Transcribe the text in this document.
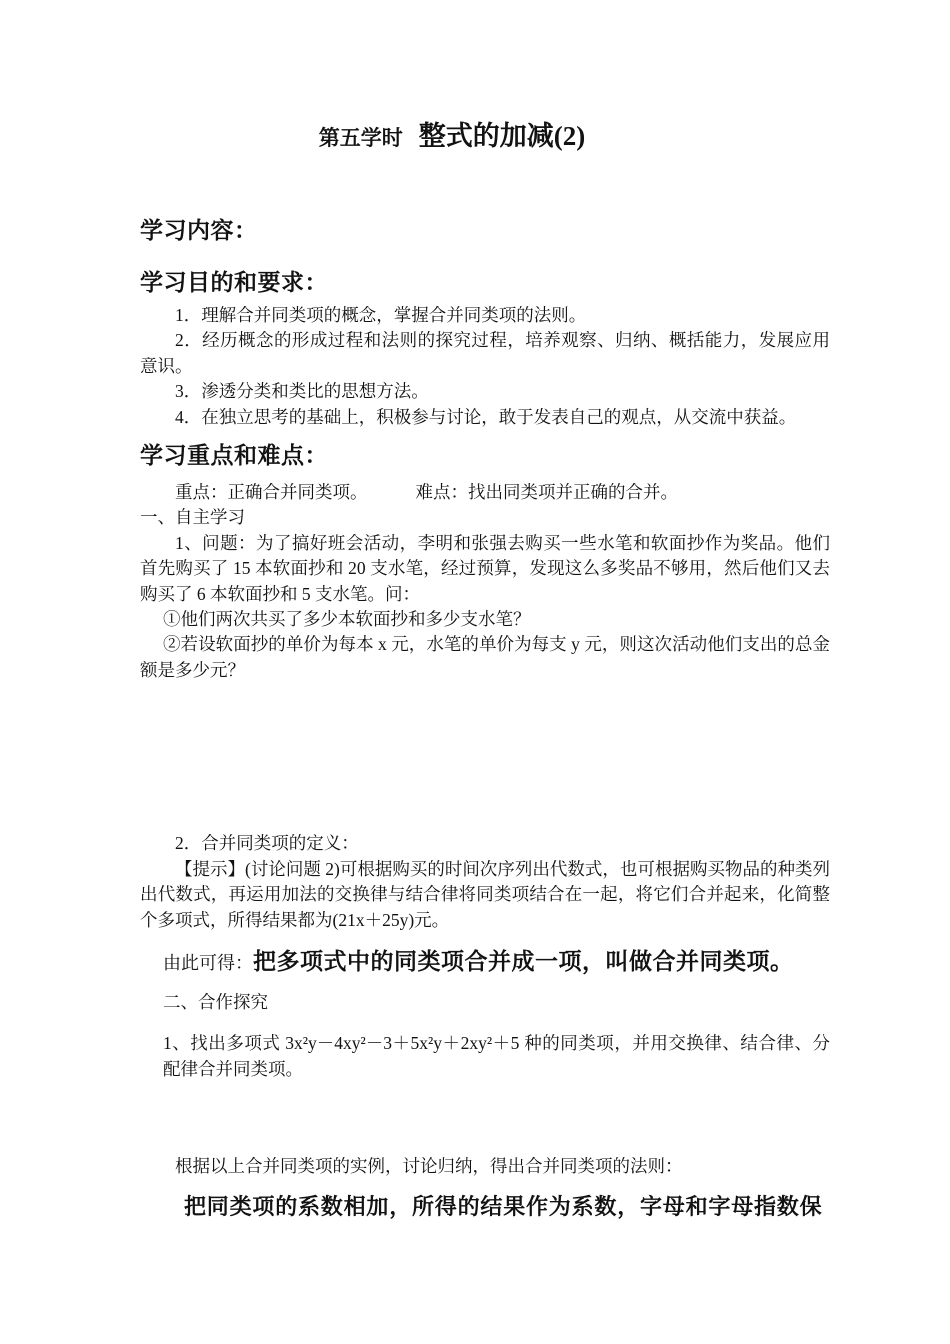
第五学时 整式的加减(2)
学习内容：
学习目的和要求：

1．理解合并同类项的概念，掌握合并同类项的法则。

2．经历概念的形成过程和法则的探究过程，培养观察、归纳、概括能力，发展应用意识。

3．渗透分类和类比的思想方法。

4．在独立思考的基础上，积极参与讨论，敢于发表自己的观点，从交流中获益。

学习重点和难点：

重点：正确合并同类项。	难点：找出同类项并正确的合并。

一、自主学习

1、问题：为了搞好班会活动，李明和张强去购买一些水笔和软面抄作为奖品。他们首先购买了 15 本软面抄和 20 支水笔，经过预算，发现这么多奖品不够用，然后他们又去购买了 6 本软面抄和 5 支水笔。问：

①他们两次共买了多少本软面抄和多少支水笔？

②若设软面抄的单价为每本 x 元，水笔的单价为每支 y 元，则这次活动他们支出的总金额是多少元？

2．合并同类项的定义：

【提示】(讨论问题 2)可根据购买的时间次序列出代数式，也可根据购买物品的种类列出代数式，再运用加法的交换律与结合律将同类项结合在一起，将它们合并起来，化简整个多项式，所得结果都为(21x＋25y)元。

由此可得：把多项式中的同类项合并成一项，叫做合并同类项。

二、合作探究

1、找出多项式 3x²y－4xy²－3＋5x²y＋2xy²＋5 种的同类项，并用交换律、结合律、分配律合并同类项。

根据以上合并同类项的实例，讨论归纳，得出合并同类项的法则：

把同类项的系数相加，所得的结果作为系数，字母和字母指数保
